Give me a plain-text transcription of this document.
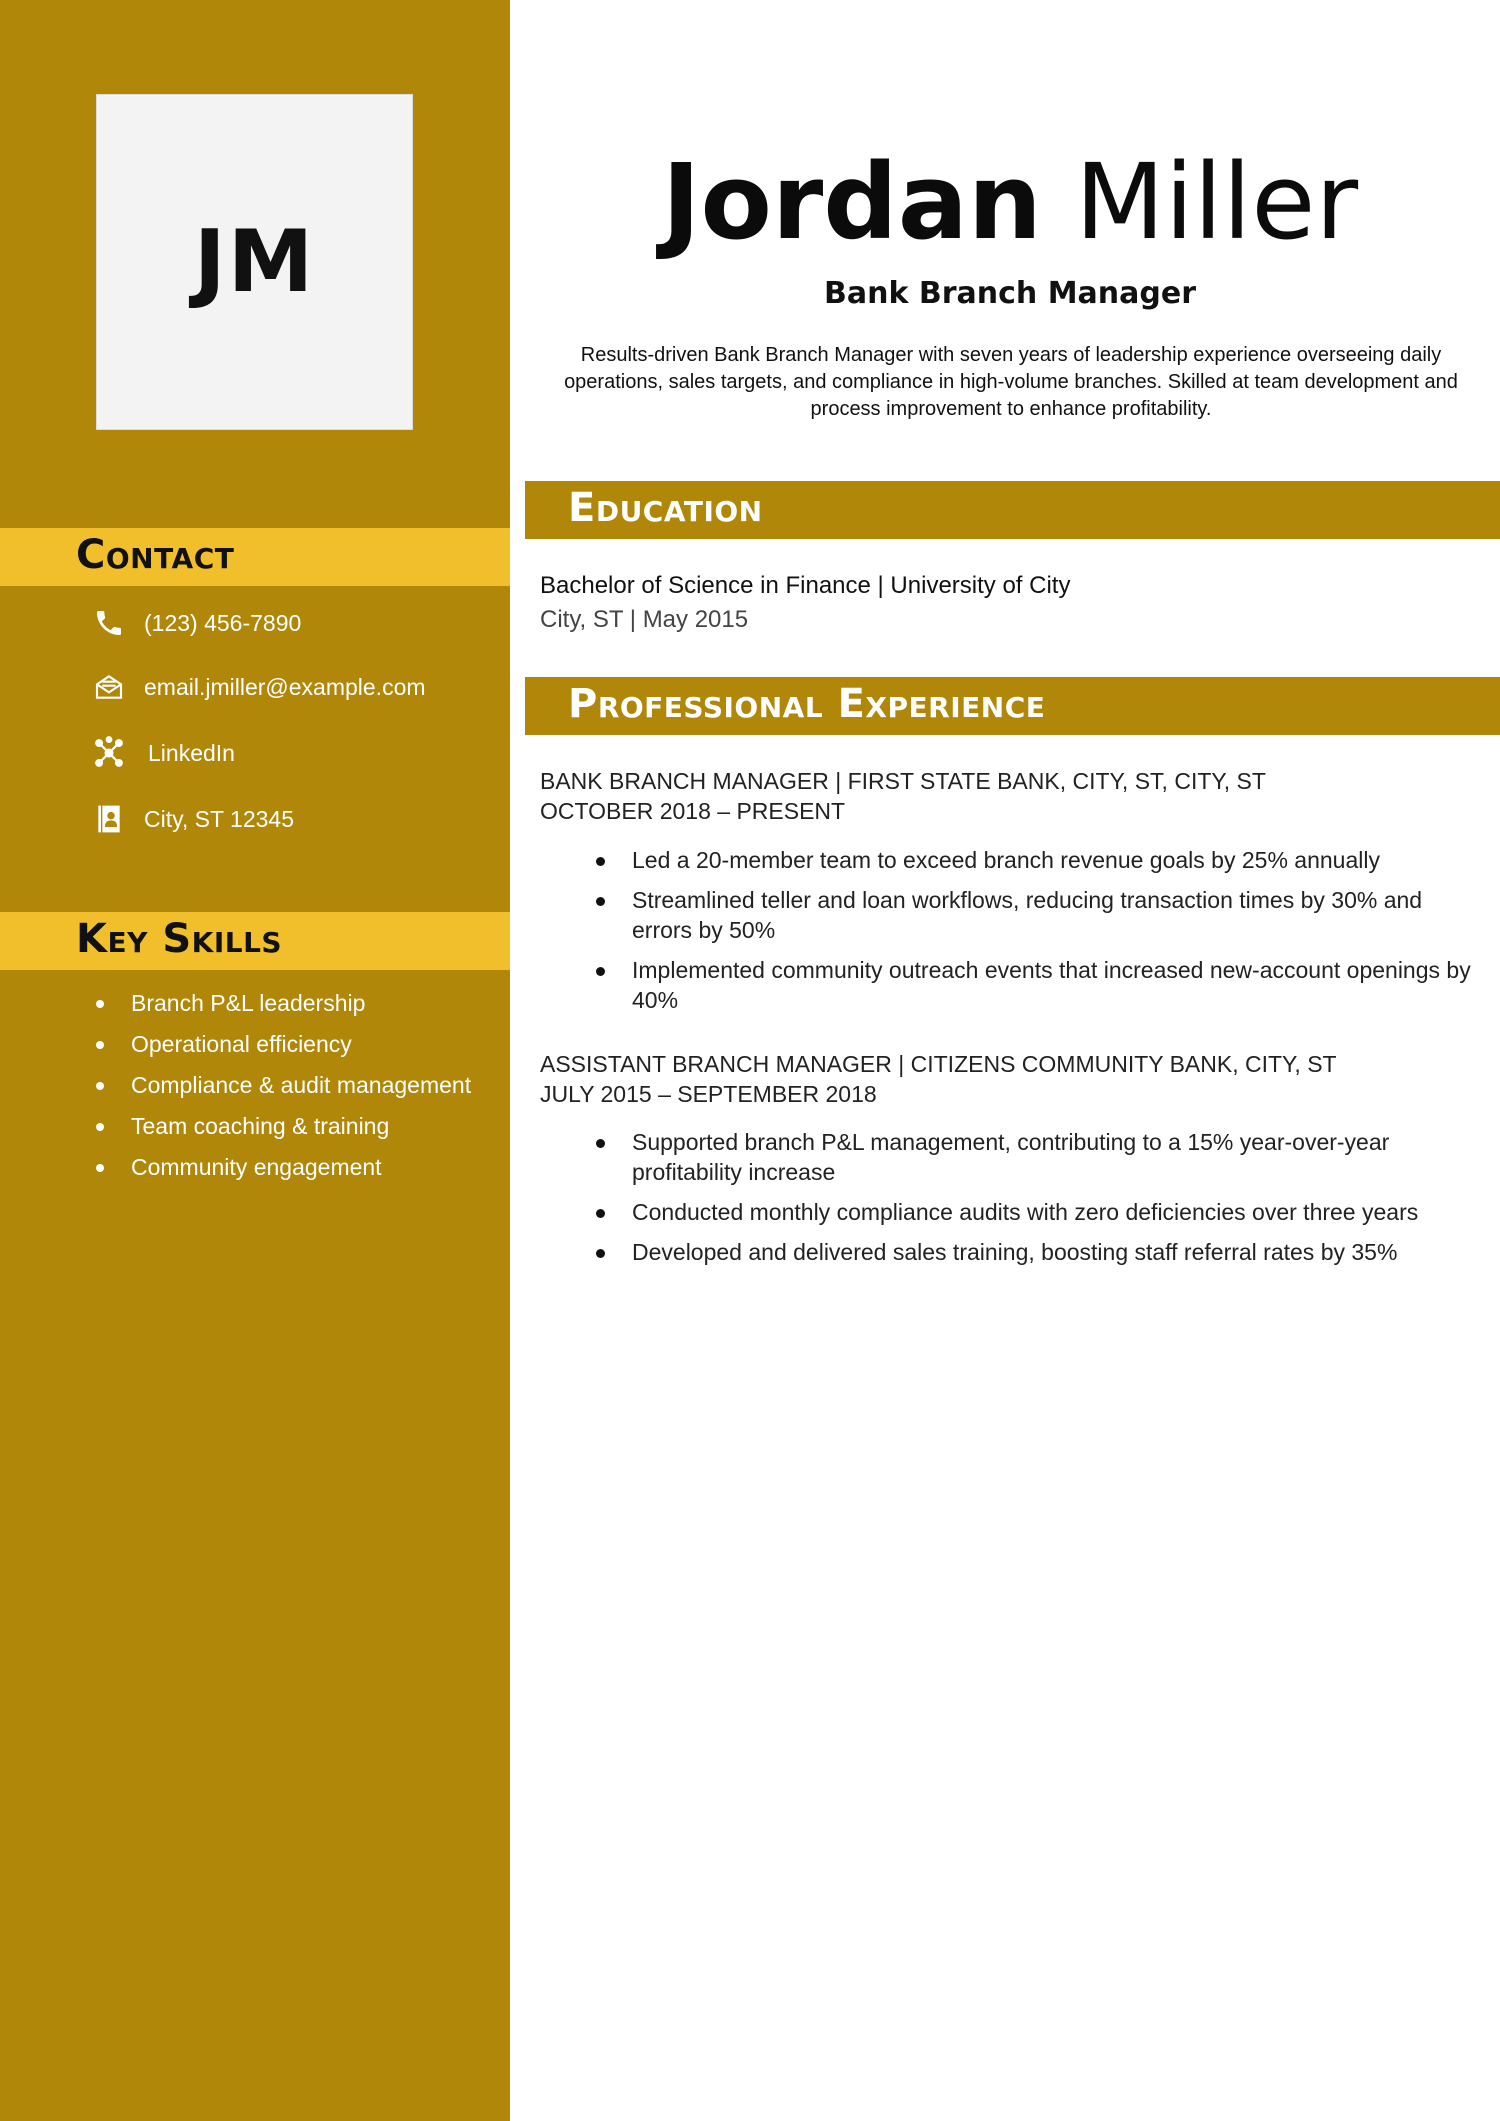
JM
Contact
(123) 456-7890
email.jmiller@example.com
LinkedIn
City, ST 12345
Key Skills
Branch P&L leadership
Operational efficiency
Compliance & audit management
Team coaching & training
Community engagement
Jordan Miller
Bank Branch Manager

Results-driven Bank Branch Manager with seven years of leadership experience overseeing daily operations, sales targets, and compliance in high-volume branches. Skilled at team development and process improvement to enhance profitability.

Education
Bachelor of Science in Finance | University of City
City, ST | May 2015
Professional Experience
BANK BRANCH MANAGER | FIRST STATE BANK, CITY, ST, CITY, ST
OCTOBER 2018 – PRESENT
Led a 20-member team to exceed branch revenue goals by 25% annually
Streamlined teller and loan workflows, reducing transaction times by 30% and errors by 50%
Implemented community outreach events that increased new-account openings by 40%
ASSISTANT BRANCH MANAGER | CITIZENS COMMUNITY BANK, CITY, ST
JULY 2015 – SEPTEMBER 2018
Supported branch P&L management, contributing to a 15% year-over-year profitability increase
Conducted monthly compliance audits with zero deficiencies over three years
Developed and delivered sales training, boosting staff referral rates by 35%
